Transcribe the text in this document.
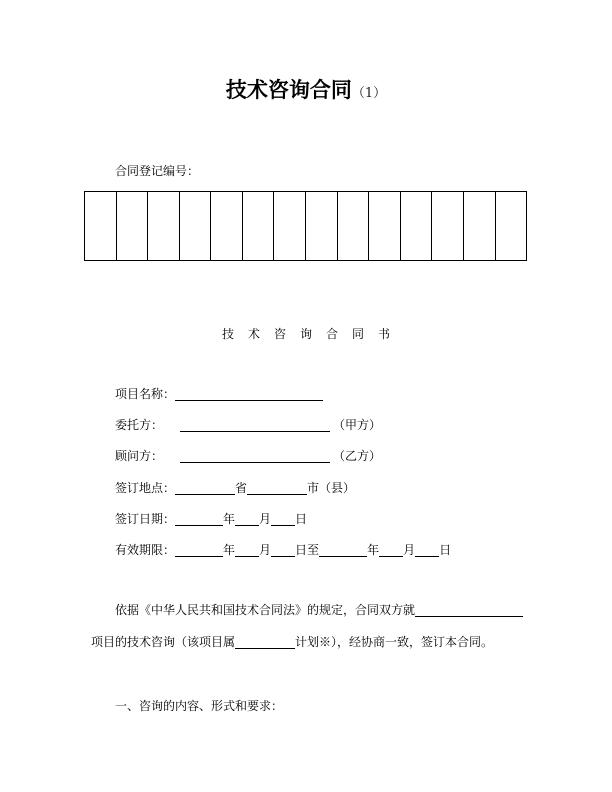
技术咨询合同（1）
合同登记编号：
技术咨询合同书
项目名称：
委托方：	（甲方）
顾问方：	（乙方）
签订地点：	省	市（县）
签订日期：	年 月 日
有效期限：	年 月 日至	年 月 日
依据《中华人民共和国技术合同法》的规定，合同双方就
项目的技术咨询（该项目属	计划※），经协商一致，签订本合同。
一、咨询的内容、形式和要求：
